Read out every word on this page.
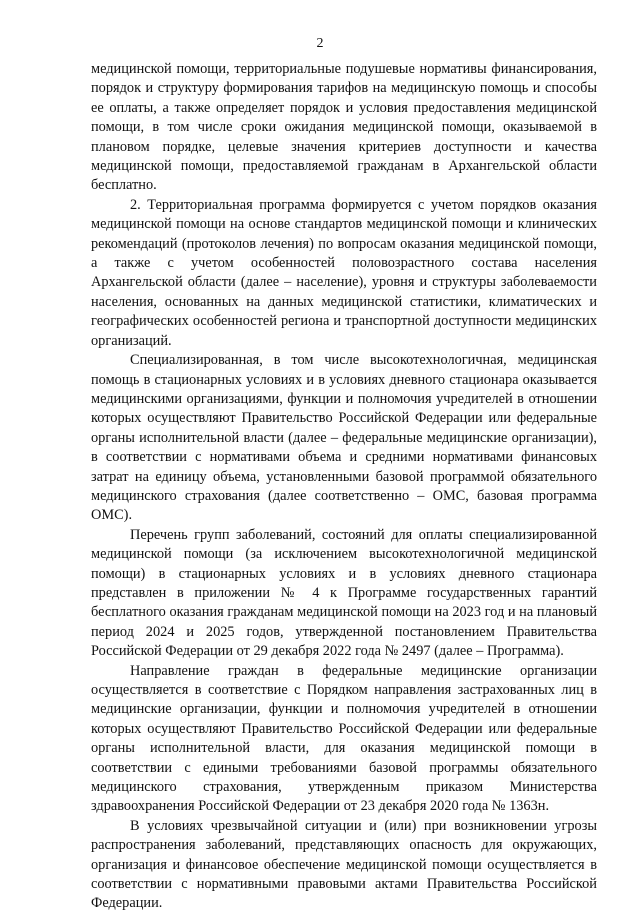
2

медицинской помощи, территориальные подушевые нормативы финансирования, порядок и структуру формирования тарифов на медицинскую помощь и способы ее оплаты, а также определяет порядок и условия предоставления медицинской помощи, в том числе сроки ожидания медицинской помощи, оказываемой в плановом порядке, целевые значения критериев доступности и качества медицинской помощи, предоставляемой гражданам в Архангельской области бесплатно.

2. Территориальная программа формируется с учетом порядков оказания медицинской помощи на основе стандартов медицинской помощи и клинических рекомендаций (протоколов лечения) по вопросам оказания медицинской помощи, а также с учетом особенностей половозрастного состава населения Архангельской области (далее – население), уровня и структуры заболеваемости населения, основанных на данных медицинской статистики, климатических и географических особенностей региона и транспортной доступности медицинских организаций.

Специализированная, в том числе высокотехнологичная, медицинская помощь в стационарных условиях и в условиях дневного стационара оказывается медицинскими организациями, функции и полномочия учредителей в отношении которых осуществляют Правительство Российской Федерации или федеральные органы исполнительной власти (далее – федеральные медицинские организации), в соответствии с нормативами объема и средними нормативами финансовых затрат на единицу объема, установленными базовой программой обязательного медицинского страхования (далее соответственно – ОМС, базовая программа ОМС).

Перечень групп заболеваний, состояний для оплаты специализированной медицинской помощи (за исключением высокотехнологичной медицинской помощи) в стационарных условиях и в условиях дневного стационара представлен в приложении № 4 к Программе государственных гарантий бесплатного оказания гражданам медицинской помощи на 2023 год и на плановый период 2024 и 2025 годов, утвержденной постановлением Правительства Российской Федерации от 29 декабря 2022 года № 2497 (далее – Программа).

Направление граждан в федеральные медицинские организации осуществляется в соответствие с Порядком направления застрахованных лиц в медицинские организации, функции и полномочия учредителей в отношении которых осуществляют Правительство Российской Федерации или федеральные органы исполнительной власти, для оказания медицинской помощи в соответствии с едиными требованиями базовой программы обязательного медицинского страхования, утвержденным приказом Министерства здравоохранения Российской Федерации от 23 декабря 2020 года № 1363н.

В условиях чрезвычайной ситуации и (или) при возникновении угрозы распространения заболеваний, представляющих опасность для окружающих, организация и финансовое обеспечение медицинской помощи осуществляется в соответствии с нормативными правовыми актами Правительства Российской Федерации.
